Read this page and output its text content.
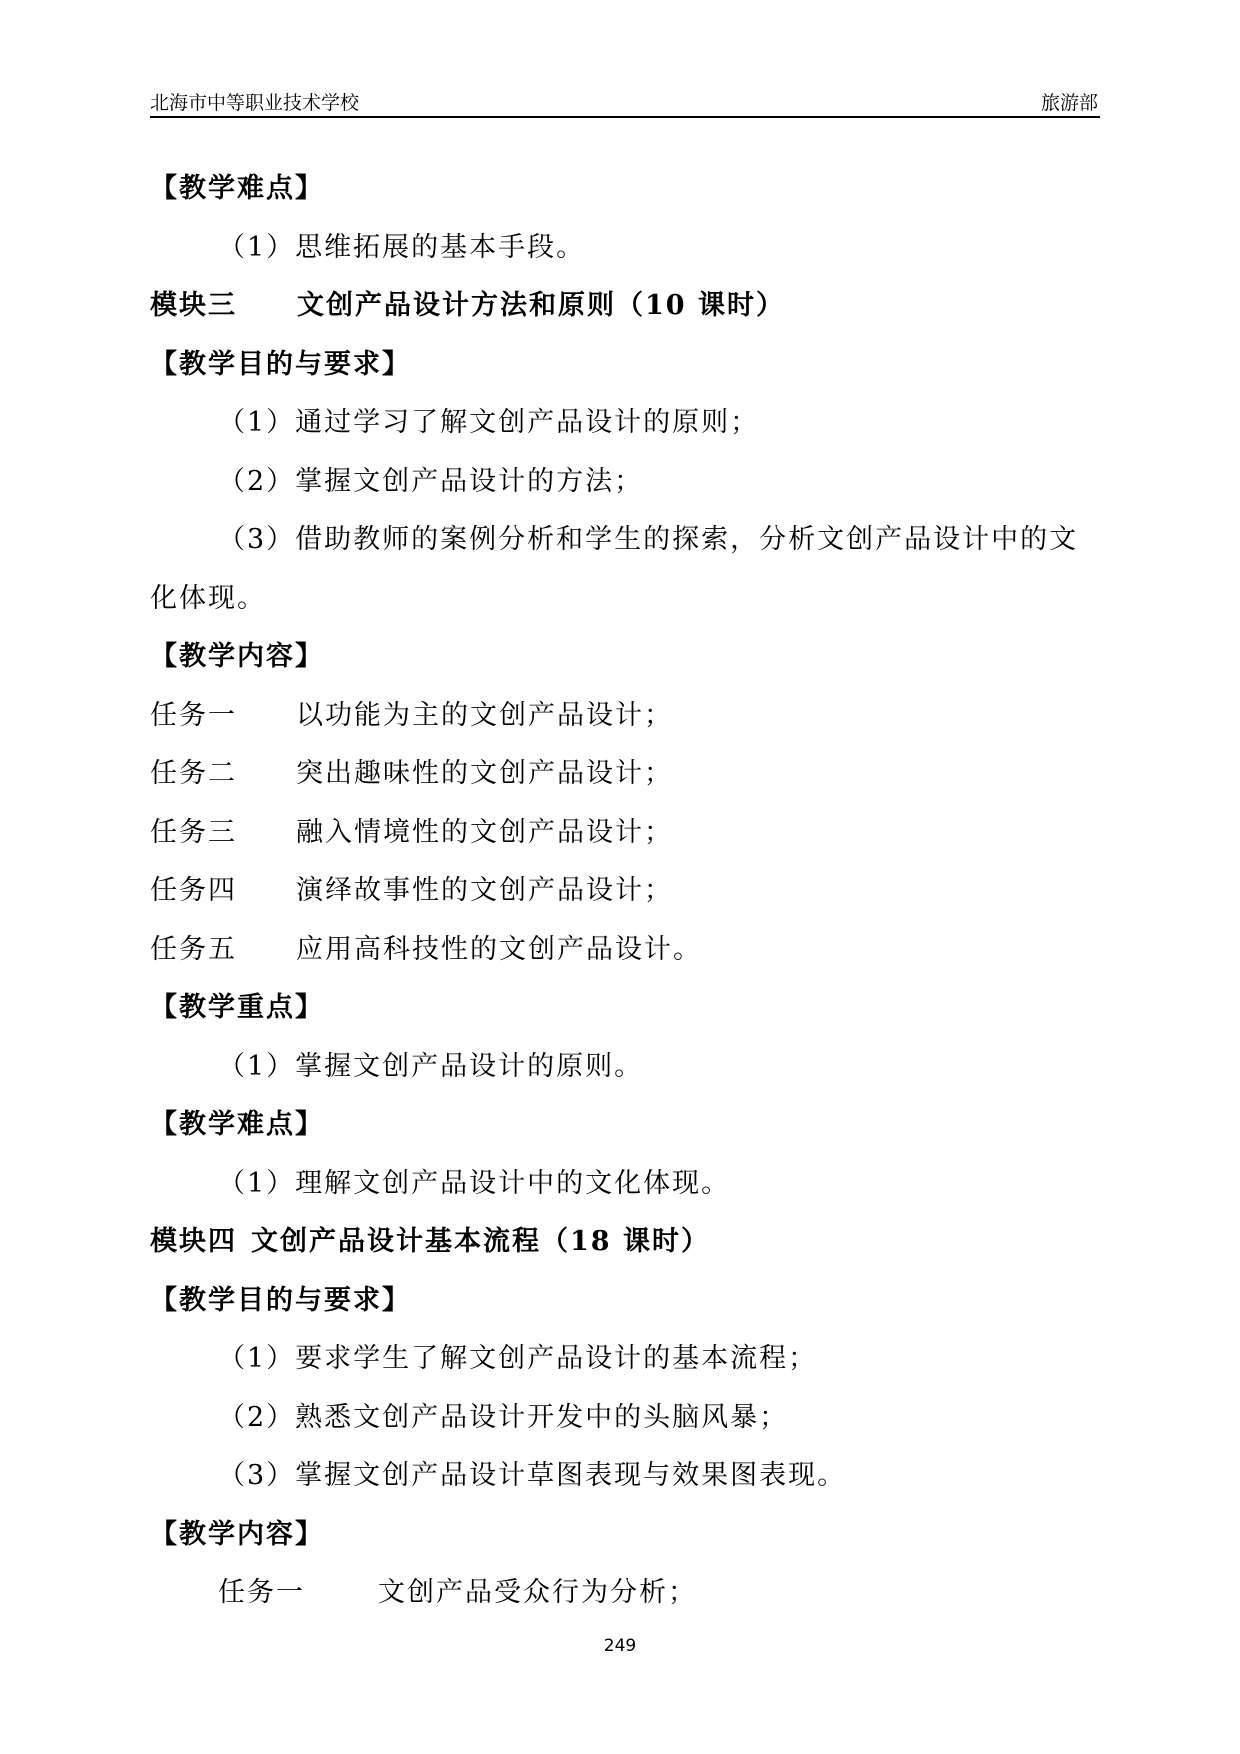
北海市中等职业技术学校	旅游部
【教学难点】
（1）思维拓展的基本手段。
模块三 文创产品设计方法和原则（10 课时）
【教学目的与要求】
（1）通过学习了解文创产品设计的原则；
（2）掌握文创产品设计的方法；
（3）借助教师的案例分析和学生的探索，分析文创产品设计中的文
化体现。
【教学内容】
任务一 以功能为主的文创产品设计；
任务二 突出趣味性的文创产品设计；
任务三 融入情境性的文创产品设计；
任务四 演绎故事性的文创产品设计；
任务五 应用高科技性的文创产品设计。
【教学重点】
（1）掌握文创产品设计的原则。
【教学难点】
（1）理解文创产品设计中的文化体现。
模块四 文创产品设计基本流程（18 课时）
【教学目的与要求】
（1）要求学生了解文创产品设计的基本流程；
（2）熟悉文创产品设计开发中的头脑风暴；
（3）掌握文创产品设计草图表现与效果图表现。
【教学内容】
任务一	文创产品受众行为分析；
249
